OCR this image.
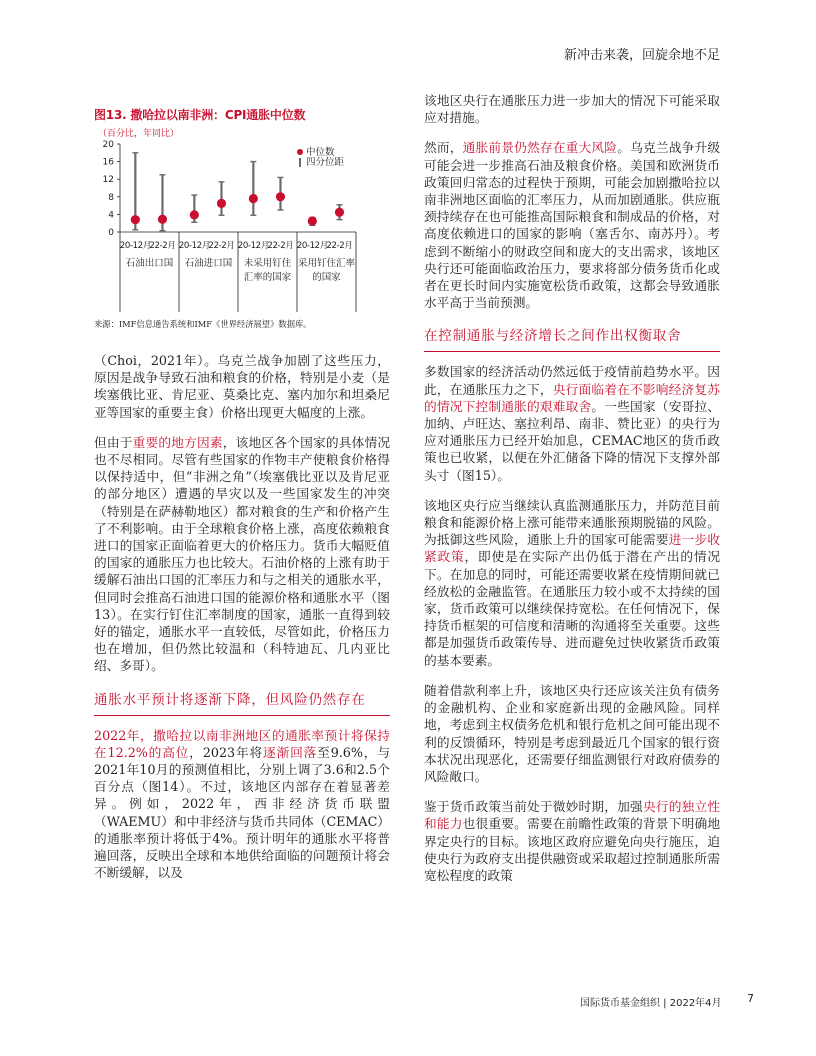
新冲击来袭，回旋余地不足
图13. 撒哈拉以南非洲：CPI通胀中位数
（百分比，年同比）
0
4
8
12
16
20
20-12月
22-2月
石油出口国
20-12月
22-2月
石油进口国
20-12月
22-2月
未采用钉住
汇率的国家
20-12月
22-2月
采用钉住汇率
的国家
中位数
四分位距
来源：IMF信息通告系统和IMF《世界经济展望》数据库。

（Choi，2021年）。乌克兰战争加剧了这些压力，原因是战争导致石油和粮食的价格，特别是小麦（是埃塞俄比亚、肯尼亚、莫桑比克、塞内加尔和坦桑尼亚等国家的重要主食）价格出现更大幅度的上涨。

但由于重要的地方因素，该地区各个国家的具体情况也不尽相同。尽管有些国家的作物丰产使粮食价格得以保持适中，但“非洲之角”（埃塞俄比亚以及肯尼亚的部分地区）遭遇的旱灾以及一些国家发生的冲突（特别是在萨赫勒地区）都对粮食的生产和价格产生了不利影响。由于全球粮食价格上涨，高度依赖粮食进口的国家正面临着更大的价格压力。货币大幅贬值的国家的通胀压力也比较大。石油价格的上涨有助于缓解石油出口国的汇率压力和与之相关的通胀水平，但同时会推高石油进口国的能源价格和通胀水平（图13）。在实行钉住汇率制度的国家，通胀一直得到较好的锚定，通胀水平一直较低，尽管如此，价格压力也在增加，但仍然比较温和（科特迪瓦、几内亚比绍、多哥）。

通胀水平预计将逐渐下降，但风险仍然存在

2022年，撒哈拉以南非洲地区的通胀率预计将保持在12.2%的高位，2023年将逐渐回落至9.6%，与2021年10月的预测值相比，分别上调了3.6和2.5个百分点（图14）。不过，该地区内部存在着显著差异。例如，2022年，西非经济货币联盟（WAEMU）和中非经济与货币共同体（CEMAC）的通胀率预计将低于4%。预计明年的通胀水平将普遍回落，反映出全球和本地供给面临的问题预计将会不断缓解，以及

该地区央行在通胀压力进一步加大的情况下可能采取应对措施。

然而，通胀前景仍然存在重大风险。乌克兰战争升级可能会进一步推高石油及粮食价格。美国和欧洲货币政策回归常态的过程快于预期，可能会加剧撒哈拉以南非洲地区面临的汇率压力，从而加剧通胀。供应瓶颈持续存在也可能推高国际粮食和制成品的价格，对高度依赖进口的国家的影响（塞舌尔、南苏丹）。考虑到不断缩小的财政空间和庞大的支出需求，该地区央行还可能面临政治压力，要求将部分债务货币化或者在更长时间内实施宽松货币政策，这都会导致通胀水平高于当前预测。

在控制通胀与经济增长之间作出权衡取舍

多数国家的经济活动仍然远低于疫情前趋势水平。因此，在通胀压力之下，央行面临着在不影响经济复苏的情况下控制通胀的艰难取舍。一些国家（安哥拉、加纳、卢旺达、塞拉利昂、南非、赞比亚）的央行为应对通胀压力已经开始加息，CEMAC地区的货币政策也已收紧，以便在外汇储备下降的情况下支撑外部头寸（图15）。

该地区央行应当继续认真监测通胀压力，并防范目前粮食和能源价格上涨可能带来通胀预期脱锚的风险。为抵御这些风险，通胀上升的国家可能需要进一步收紧政策，即使是在实际产出仍低于潜在产出的情况下。在加息的同时，可能还需要收紧在疫情期间就已经放松的金融监管。在通胀压力较小或不太持续的国家，货币政策可以继续保持宽松。在任何情况下，保持货币框架的可信度和清晰的沟通将至关重要。这些都是加强货币政策传导、进而避免过快收紧货币政策的基本要素。

随着借款利率上升，该地区央行还应该关注负有债务的金融机构、企业和家庭新出现的金融风险。同样地，考虑到主权债务危机和银行危机之间可能出现不利的反馈循环，特别是考虑到最近几个国家的银行资本状况出现恶化，还需要仔细监测银行对政府债券的风险敞口。

鉴于货币政策当前处于微妙时期，加强央行的独立性和能力也很重要。需要在前瞻性政策的背景下明确地界定央行的目标。该地区政府应避免向央行施压，迫使央行为政府支出提供融资或采取超过控制通胀所需宽松程度的政策

国际货币基金组织 | 2022年4月 7
